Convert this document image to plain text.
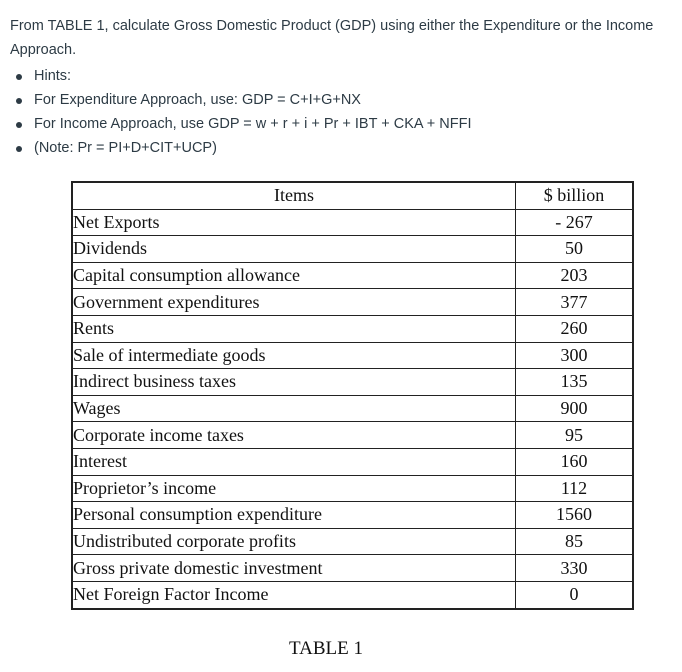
From TABLE 1, calculate Gross Domestic Product (GDP) using either the Expenditure or the Income Approach.

Hints:
For Expenditure Approach, use: GDP = C+I+G+NX
For Income Approach, use GDP = w + r + i + Pr + IBT + CKA + NFFI
(Note: Pr = PI+D+CIT+UCP)
Items	$ billion
Net Exports	- 267
Dividends	50
Capital consumption allowance	203
Government expenditures	377
Rents	260
Sale of intermediate goods	300
Indirect business taxes	135
Wages	900
Corporate income taxes	95
Interest	160
Proprietor’s income	112
Personal consumption expenditure	1560
Undistributed corporate profits	85
Gross private domestic investment	330
Net Foreign Factor Income	0
TABLE 1
